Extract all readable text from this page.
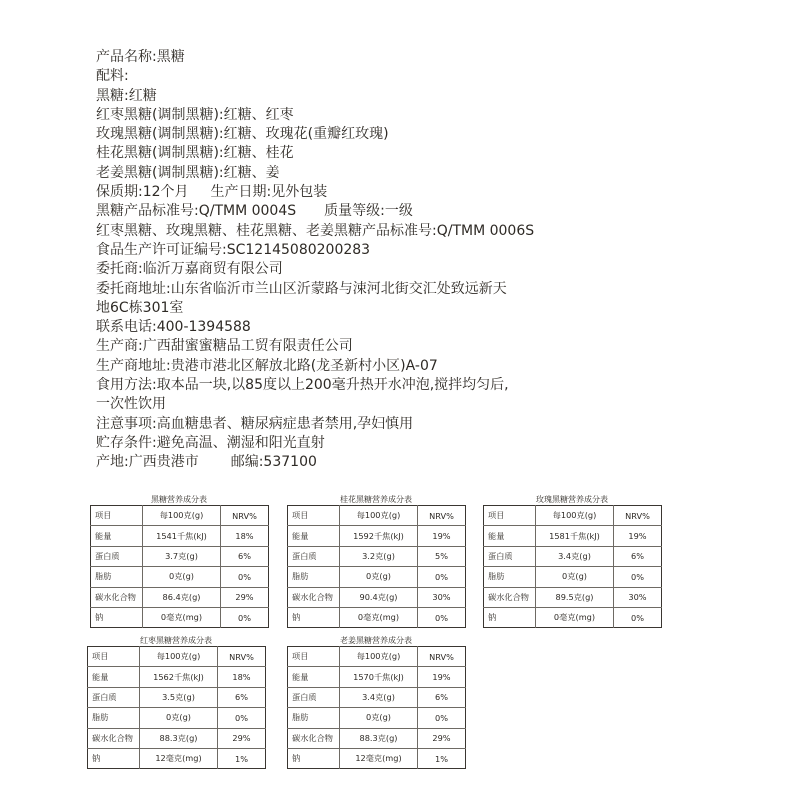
产品名称:黑糖
配料:
黑糖:红糖
红枣黑糖(调制黑糖):红糖、红枣
玫瑰黑糖(调制黑糖):红糖、玫瑰花(重瓣红玫瑰)
桂花黑糖(调制黑糖):红糖、桂花
老姜黑糖(调制黑糖):红糖、姜
保质期:12个月 生产日期:见外包装
黑糖产品标准号:Q/TMM 0004S 质量等级:一级
红枣黑糖、玫瑰黑糖、桂花黑糖、老姜黑糖产品标准号:Q/TMM 0006S
食品生产许可证编号:SC12145080200283
委托商:临沂万嘉商贸有限公司
委托商地址:山东省临沂市兰山区沂蒙路与涑河北街交汇处致远新天
地6C栋301室
联系电话:400-1394588
生产商:广西甜蜜蜜糖品工贸有限责任公司
生产商地址:贵港市港北区解放北路(龙圣新村小区)A-07
食用方法:取本品一块,以85度以上200毫升热开水冲泡,搅拌均匀后,
一次性饮用
注意事项:高血糖患者、糖尿病症患者禁用,孕妇慎用
贮存条件:避免高温、潮湿和阳光直射
产地:广西贵港市 邮编:537100
黑糖营养成分表
项目	每100克(g)	NRV%
能量	1541千焦(kJ)	18%
蛋白质	3.7克(g)	6%
脂肪	0克(g)	0%
碳水化合物	86.4克(g)	29%
钠	0毫克(mg)	0%
桂花黑糖营养成分表
项目	每100克(g)	NRV%
能量	1592千焦(kJ)	19%
蛋白质	3.2克(g)	5%
脂肪	0克(g)	0%
碳水化合物	90.4克(g)	30%
钠	0毫克(mg)	0%
玫瑰黑糖营养成分表
项目	每100克(g)	NRV%
能量	1581千焦(kJ)	19%
蛋白质	3.4克(g)	6%
脂肪	0克(g)	0%
碳水化合物	89.5克(g)	30%
钠	0毫克(mg)	0%
红枣黑糖营养成分表
项目	每100克(g)	NRV%
能量	1562千焦(kJ)	18%
蛋白质	3.5克(g)	6%
脂肪	0克(g)	0%
碳水化合物	88.3克(g)	29%
钠	12毫克(mg)	1%
老姜黑糖营养成分表
项目	每100克(g)	NRV%
能量	1570千焦(kJ)	19%
蛋白质	3.4克(g)	6%
脂肪	0克(g)	0%
碳水化合物	88.3克(g)	29%
钠	12毫克(mg)	1%
